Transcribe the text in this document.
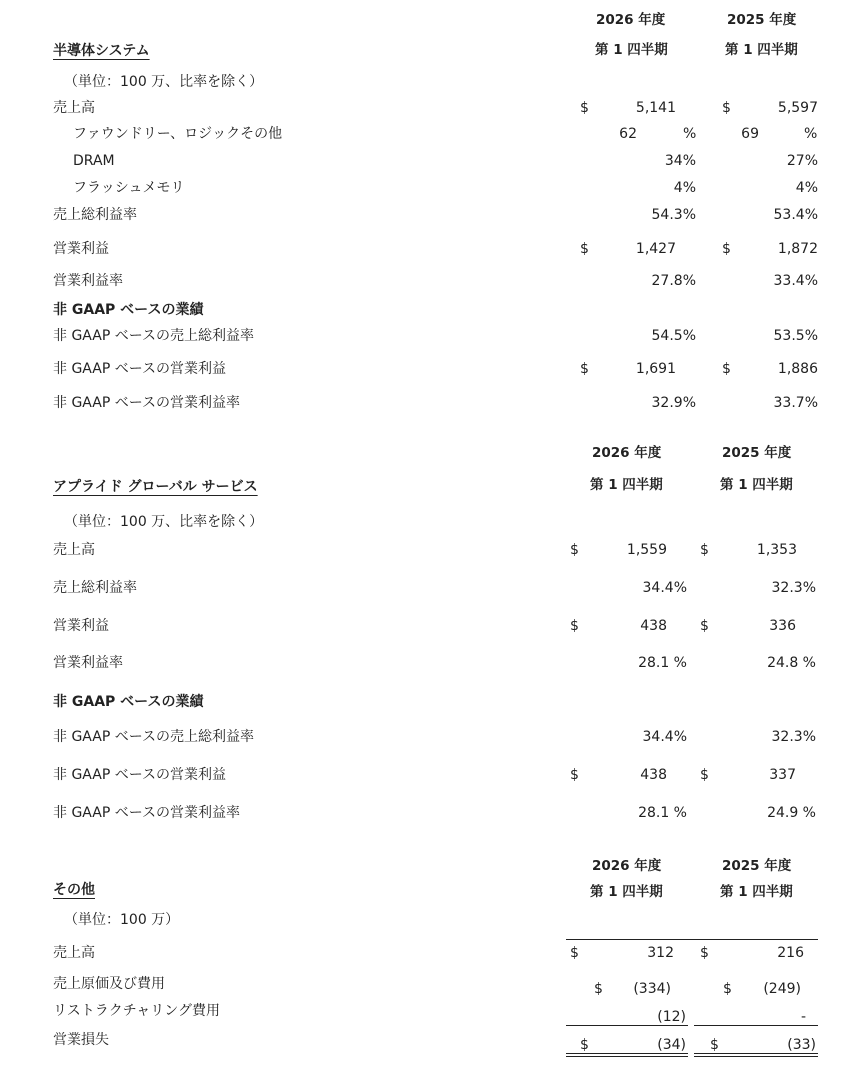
2026 年度	2025 年度
半導体システム	第 1 四半期	第 1 四半期
（単位：100 万、比率を除く）
売上高	$	5,141	$	5,597
ファウンドリー、ロジックその他	62	%	69	%
DRAM	34%	27%
フラッシュメモリ	4%	4%
売上総利益率	54.3%	53.4%
営業利益	$	1,427	$	1,872
営業利益率	27.8%	33.4%
非 GAAP ベースの業績
非 GAAP ベースの売上総利益率	54.5%	53.5%
非 GAAP ベースの営業利益	$	1,691	$	1,886
非 GAAP ベースの営業利益率	32.9%	33.7%
2026 年度	2025 年度
アプライド グローバル サービス	第 1 四半期	第 1 四半期
（単位：100 万、比率を除く）
売上高	$	1,559 $	1,353
売上総利益率	34.4%	32.3%
営業利益	$	438 $	336
営業利益率	28.1 %	24.8 %
非 GAAP ベースの業績
非 GAAP ベースの売上総利益率	34.4%	32.3%
非 GAAP ベースの営業利益	$	438 $	337
非 GAAP ベースの営業利益率	28.1 %	24.9 %
2026 年度	2025 年度
その他	第 1 四半期	第 1 四半期
（単位：100 万）
売上高	$	312 $	216
売上原価及び費用	$ (334)	$ (249)
リストラクチャリング費用	(12)	-
営業損失	$	(34) $	(33)
